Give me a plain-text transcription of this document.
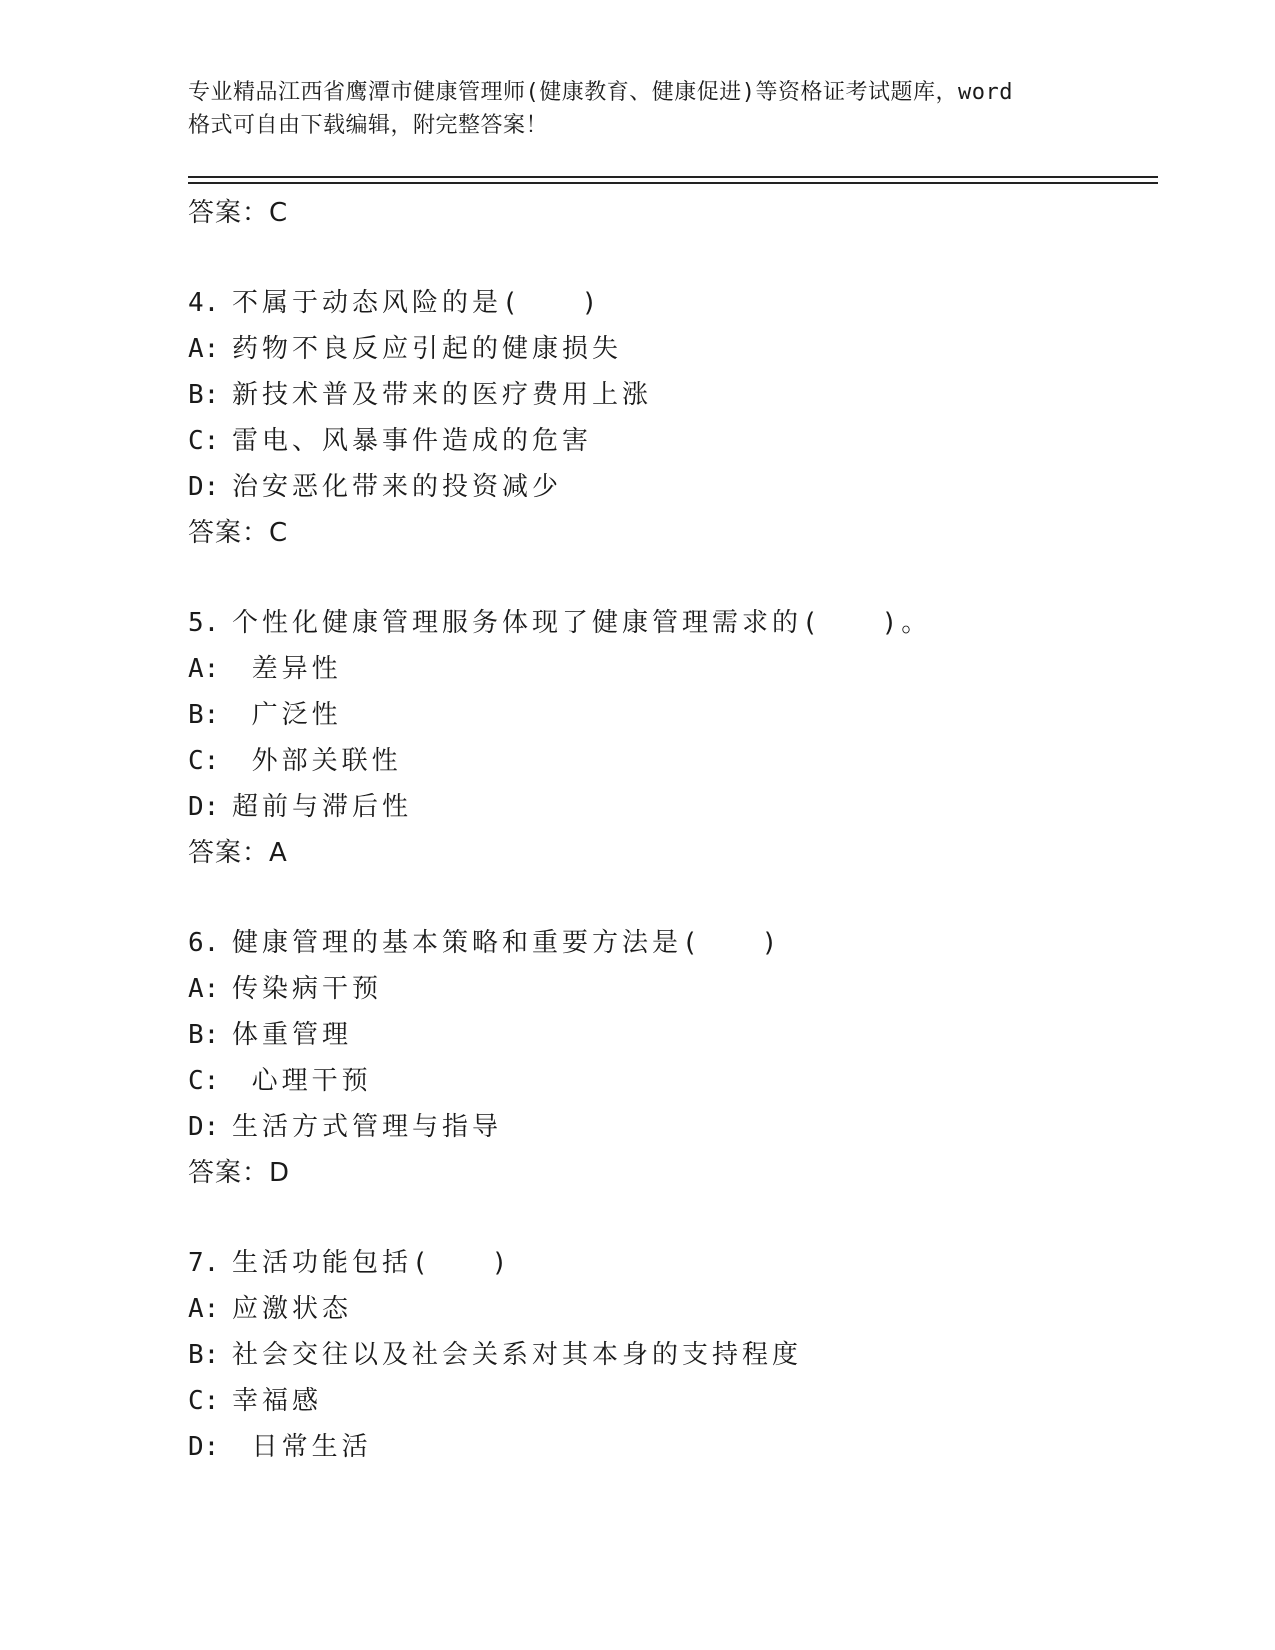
专业精品江西省鹰潭市健康管理师(健康教育、健康促进)等资格证考试题库，word
格式可自由下载编辑，附完整答案！
答案：C
4. 不属于动态风险的是(　　)
A: 药物不良反应引起的健康损失
B: 新技术普及带来的医疗费用上涨
C: 雷电、风暴事件造成的危害
D: 治安恶化带来的投资减少
答案：C
5. 个性化健康管理服务体现了健康管理需求的(　　)。
A: 差异性
B: 广泛性
C: 外部关联性
D: 超前与滞后性
答案：A
6. 健康管理的基本策略和重要方法是(　　)
A: 传染病干预
B: 体重管理
C: 心理干预
D: 生活方式管理与指导
答案：D
7. 生活功能包括(　　)
A: 应激状态
B: 社会交往以及社会关系对其本身的支持程度
C: 幸福感
D: 日常生活
